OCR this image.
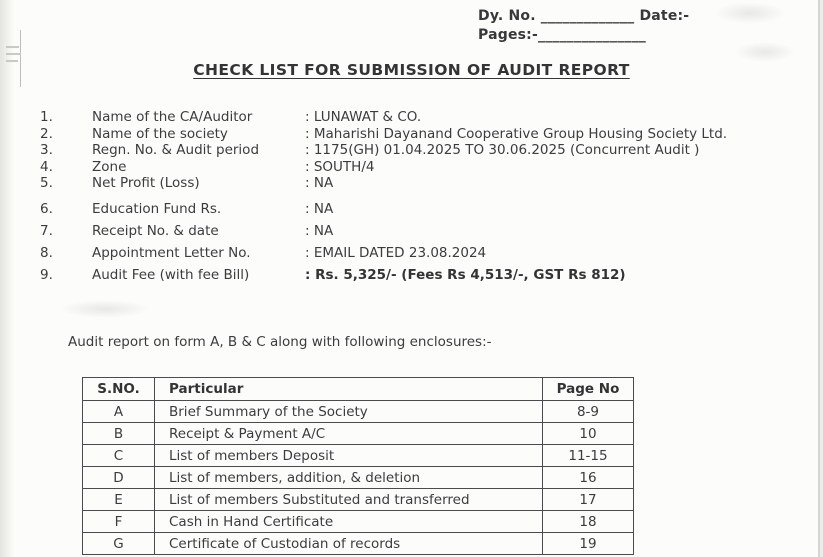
Dy. No. _____________ Date:-
Pages:-_______________
CHECK LIST FOR SUBMISSION OF AUDIT REPORT
1.	Name of the CA/Auditor	: LUNAWAT & CO.
2.	Name of the society	: Maharishi Dayanand Cooperative Group Housing Society Ltd.
3.	Regn. No. & Audit period	: 1175(GH) 01.04.2025 TO 30.06.2025 (Concurrent Audit )
4.	Zone	: SOUTH/4
5.	Net Profit (Loss)	: NA
6.	Education Fund Rs.	: NA
7.	Receipt No. & date	: NA
8.	Appointment Letter No.	: EMAIL DATED 23.08.2024
9.	Audit Fee (with fee Bill)	: Rs. 5,325/- (Fees Rs 4,513/-, GST Rs 812)
Audit report on form A, B & C along with following enclosures:-
S.NO.	Particular	Page No
A	Brief Summary of the Society	8-9
B	Receipt & Payment A/C	10
C	List of members Deposit	11-15
D	List of members, addition, & deletion	16
E	List of members Substituted and transferred	17
F	Cash in Hand Certificate	18
G	Certificate of Custodian of records	19
